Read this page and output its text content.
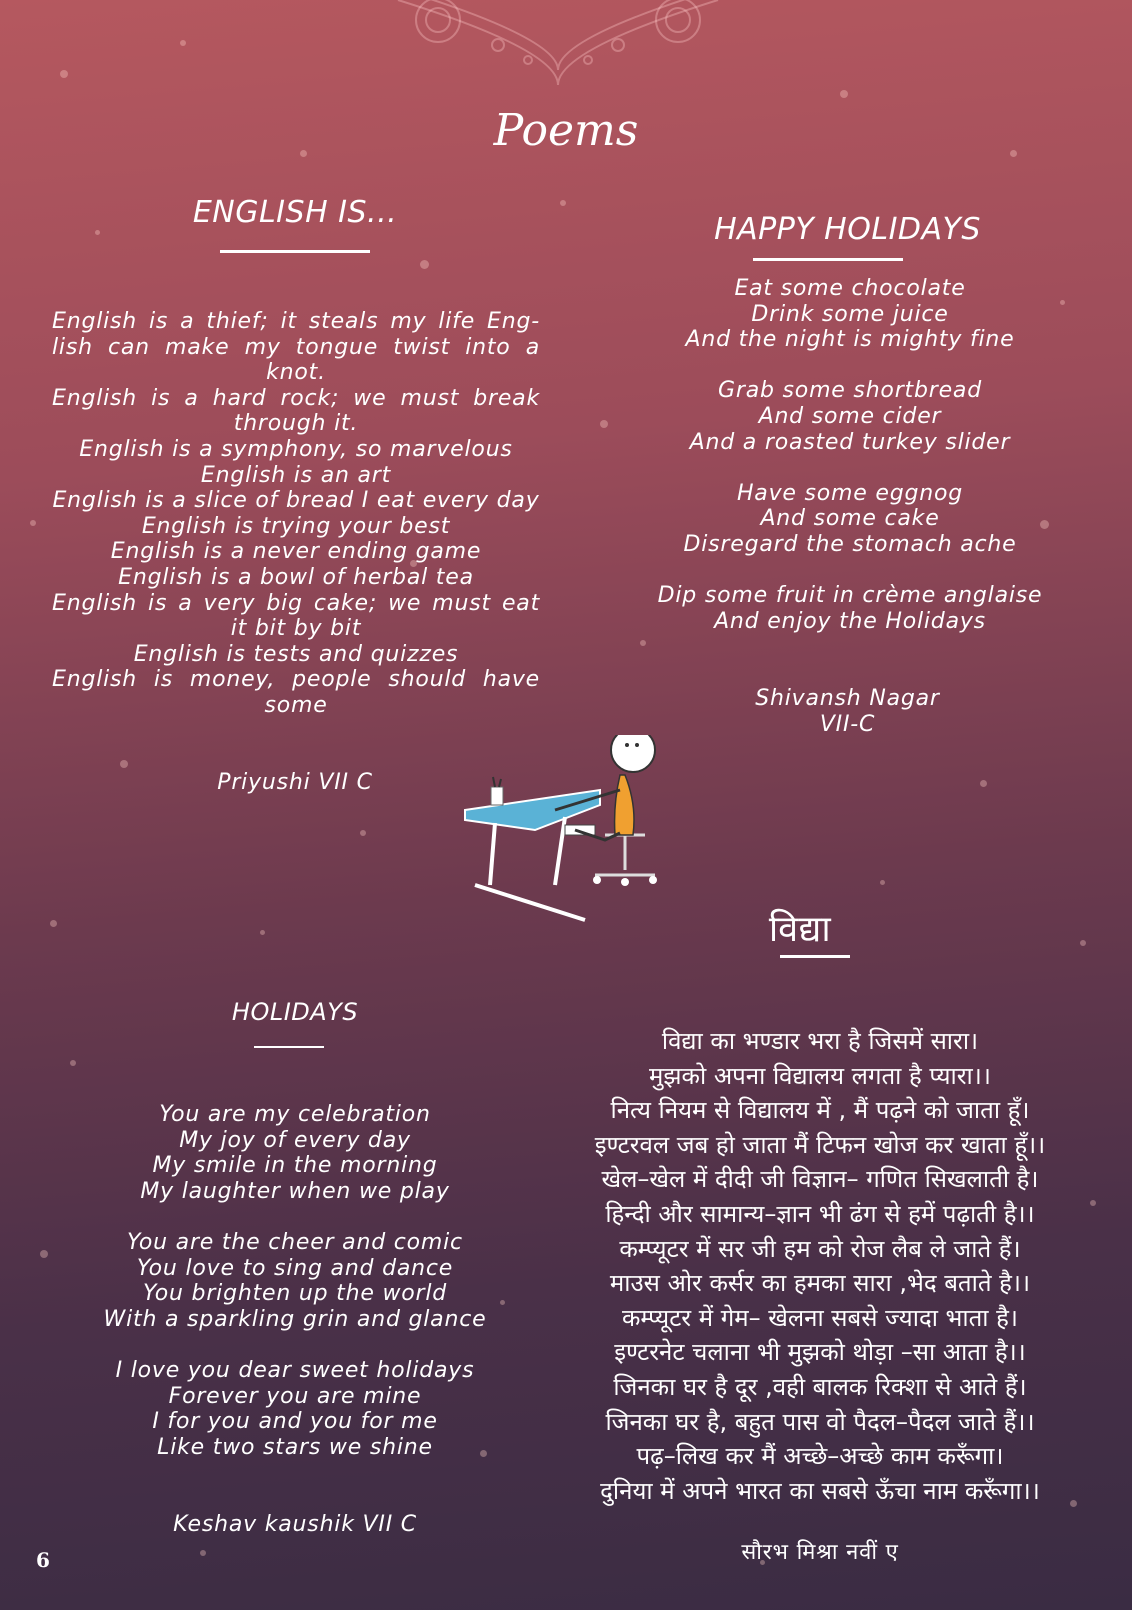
Poems
ENGLISH IS...
English is a thief; it steals my life Eng-
lish can make my tongue twist into a
knot.
English is a hard rock; we must break
through it.
English is a symphony, so marvelous
English is an art
English is a slice of bread I eat every day
English is trying your best
English is a never ending game
English is a bowl of herbal tea
English is a very big cake; we must eat
it bit by bit
English is tests and quizzes
English is money, people should have
some
Priyushi VII C
HAPPY HOLIDAYS
Eat some chocolate
Drink some juice
And the night is mighty fine
Grab some shortbread
And some cider
And a roasted turkey slider
Have some eggnog
And some cake
Disregard the stomach ache
Dip some fruit in crème anglaise
And enjoy the Holidays
Shivansh Nagar
VII-C
HOLIDAYS
You are my celebration
My joy of every day
My smile in the morning
My laughter when we play
You are the cheer and comic
You love to sing and dance
You brighten up the world
With a sparkling grin and glance
I love you dear sweet holidays
Forever you are mine
I for you and you for me
Like two stars we shine
Keshav kaushik VII C
विद्या
विद्या का भण्डार भरा है जिसमें सारा।
मुझको अपना विद्यालय लगता है प्यारा।।
नित्य नियम से विद्यालय में , मैं पढ़ने को जाता हूँ।
इण्टरवल जब हो जाता मैं टिफन खोज कर खाता हूँ।।
खेल–खेल में दीदी जी विज्ञान– गणित सिखलाती है।
हिन्दी और सामान्य–ज्ञान भी ढंग से हमें पढ़ाती है।।
कम्प्यूटर में सर जी हम को रोज लैब ले जाते हैं।
माउस ओर कर्सर का हमका सारा ,भेद बताते है।।
कम्प्यूटर में गेम– खेलना सबसे ज्यादा भाता है।
इण्टरनेट चलाना भी मुझको थोड़ा –सा आता है।।
जिनका घर है दूर ,वही बालक रिक्शा से आते हैं।
जिनका घर है, बहुत पास वो पैदल–पैदल जाते हैं।।
पढ़–लिख कर मैं अच्छे–अच्छे काम करूँगा।
दुनिया में अपने भारत का सबसे ऊँचा नाम करूँगा।।
सौरभ मिश्रा नवीं ए
6
